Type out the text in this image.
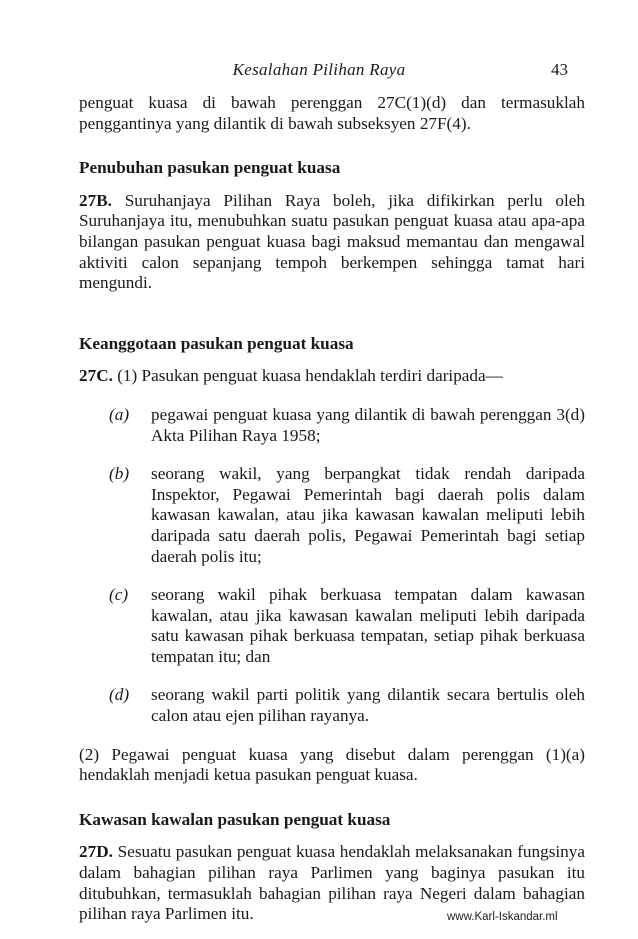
Kesalahan Pilihan Raya	43

penguat kuasa di bawah perenggan 27C(1)(d) dan termasuklah penggantinya yang dilantik di bawah subseksyen 27F(4).

Penubuhan pasukan penguat kuasa

27B. Suruhanjaya Pilihan Raya boleh, jika difikirkan perlu oleh Suruhanjaya itu, menubuhkan suatu pasukan penguat kuasa atau apa-apa bilangan pasukan penguat kuasa bagi maksud memantau dan mengawal aktiviti calon sepanjang tempoh berkempen sehingga tamat hari mengundi.

Keanggotaan pasukan penguat kuasa

27C. (1) Pasukan penguat kuasa hendaklah terdiri daripada—

(a)	pegawai penguat kuasa yang dilantik di bawah perenggan 3(d) Akta Pilihan Raya 1958;
(b)	seorang wakil, yang berpangkat tidak rendah daripada Inspektor, Pegawai Pemerintah bagi daerah polis dalam kawasan kawalan, atau jika kawasan kawalan meliputi lebih daripada satu daerah polis, Pegawai Pemerintah bagi setiap daerah polis itu;
(c)	seorang wakil pihak berkuasa tempatan dalam kawasan kawalan, atau jika kawasan kawalan meliputi lebih daripada satu kawasan pihak berkuasa tempatan, setiap pihak berkuasa tempatan itu; dan
(d)	seorang wakil parti politik yang dilantik secara bertulis oleh calon atau ejen pilihan rayanya.

(2) Pegawai penguat kuasa yang disebut dalam perenggan (1)(a) hendaklah menjadi ketua pasukan penguat kuasa.

Kawasan kawalan pasukan penguat kuasa

27D. Sesuatu pasukan penguat kuasa hendaklah melaksanakan fungsinya dalam bahagian pilihan raya Parlimen yang baginya pasukan itu ditubuhkan, termasuklah bahagian pilihan raya Negeri dalam bahagian pilihan raya Parlimen itu.	www.Karl-Iskandar.ml
